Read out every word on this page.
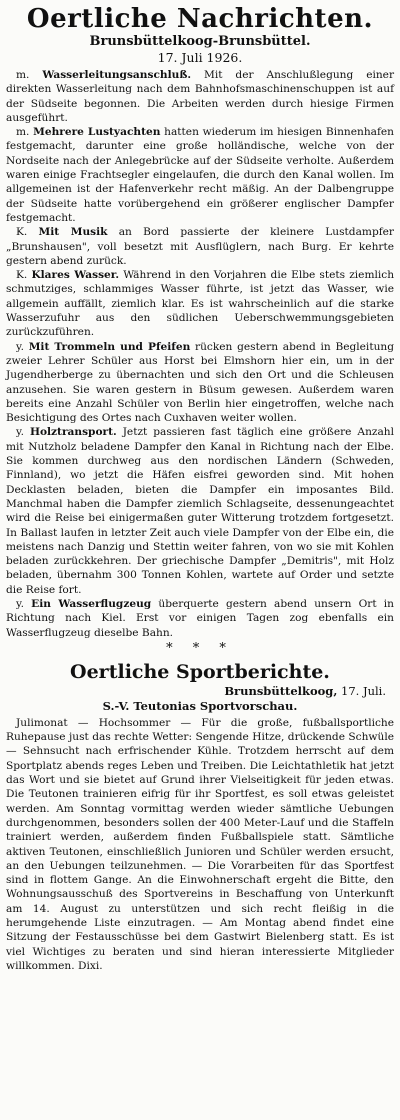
Oertliche Nachrichten.
Brunsbüttelkoog-Brunsbüttel.
17. Juli 1926.

m. Wasserleitungsanschluß. Mit der Anschlußlegung einer direkten Wasserleitung nach dem Bahnhofsmaschinenschuppen ist auf der Südseite begonnen. Die Arbeiten werden durch hiesige Firmen ausgeführt.

m. Mehrere Lustyachten hatten wiederum im hiesigen Binnenhafen festgemacht, darunter eine große holländische, welche von der Nordseite nach der Anlegebrücke auf der Südseite verholte. Außerdem waren einige Frachtsegler eingelaufen, die durch den Kanal wollen. Im allgemeinen ist der Hafenverkehr recht mäßig. An der Dalbengruppe der Südseite hatte vorübergehend ein größerer englischer Dampfer festgemacht.

K. Mit Musik an Bord passierte der kleinere Lustdampfer „Brunshausen", voll besetzt mit Ausflüglern, nach Burg. Er kehrte gestern abend zurück.

K. Klares Wasser. Während in den Vorjahren die Elbe stets ziemlich schmutziges, schlammiges Wasser führte, ist jetzt das Wasser, wie allgemein auffällt, ziemlich klar. Es ist wahrscheinlich auf die starke Wasserzufuhr aus den südlichen Ueberschwemmungsgebieten zurückzuführen.

y. Mit Trommeln und Pfeifen rücken gestern abend in Begleitung zweier Lehrer Schüler aus Horst bei Elmshorn hier ein, um in der Jugendherberge zu übernachten und sich den Ort und die Schleusen anzusehen. Sie waren gestern in Büsum gewesen. Außerdem waren bereits eine Anzahl Schüler von Berlin hier eingetroffen, welche nach Besichtigung des Ortes nach Cuxhaven weiter wollen.

y. Holztransport. Jetzt passieren fast täglich eine größere Anzahl mit Nutzholz beladene Dampfer den Kanal in Richtung nach der Elbe. Sie kommen durchweg aus den nordischen Ländern (Schweden, Finnland), wo jetzt die Häfen eisfrei geworden sind. Mit hohen Decklasten beladen, bieten die Dampfer ein imposantes Bild. Manchmal haben die Dampfer ziemlich Schlagseite, dessenungeachtet wird die Reise bei einigermaßen guter Witterung trotzdem fortgesetzt. In Ballast laufen in letzter Zeit auch viele Dampfer von der Elbe ein, die meistens nach Danzig und Stettin weiter fahren, von wo sie mit Kohlen beladen zurückkehren. Der griechische Dampfer „Demitris", mit Holz beladen, übernahm 300 Tonnen Kohlen, wartete auf Order und setzte die Reise fort.

y. Ein Wasserflugzeug überquerte gestern abend unsern Ort in Richtung nach Kiel. Erst vor einigen Tagen zog ebenfalls ein Wasserflugzeug dieselbe Bahn.

* * *
Oertliche Sportberichte.
Brunsbüttelkoog, 17. Juli.
S.-V. Teutonias Sportvorschau.

Julimonat — Hochsommer — Für die große, fußballsportliche Ruhepause just das rechte Wetter: Sengende Hitze, drückende Schwüle — Sehnsucht nach erfrischender Kühle. Trotzdem herrscht auf dem Sportplatz abends reges Leben und Treiben. Die Leichtathletik hat jetzt das Wort und sie bietet auf Grund ihrer Vielseitigkeit für jeden etwas. Die Teutonen trainieren eifrig für ihr Sportfest, es soll etwas geleistet werden. Am Sonntag vormittag werden wieder sämtliche Uebungen durchgenommen, besonders sollen der 400 Meter-Lauf und die Staffeln trainiert werden, außerdem finden Fußballspiele statt. Sämtliche aktiven Teutonen, einschließlich Junioren und Schüler werden ersucht, an den Uebungen teilzunehmen. — Die Vorarbeiten für das Sportfest sind in flottem Gange. An die Einwohnerschaft ergeht die Bitte, den Wohnungsausschuß des Sportvereins in Beschaffung von Unterkunft am 14. August zu unterstützen und sich recht fleißig in die herumgehende Liste einzutragen. — Am Montag abend findet eine Sitzung der Festausschüsse bei dem Gastwirt Bielenberg statt. Es ist viel Wichtiges zu beraten und sind hieran interessierte Mitglieder willkommen. Dixi.
